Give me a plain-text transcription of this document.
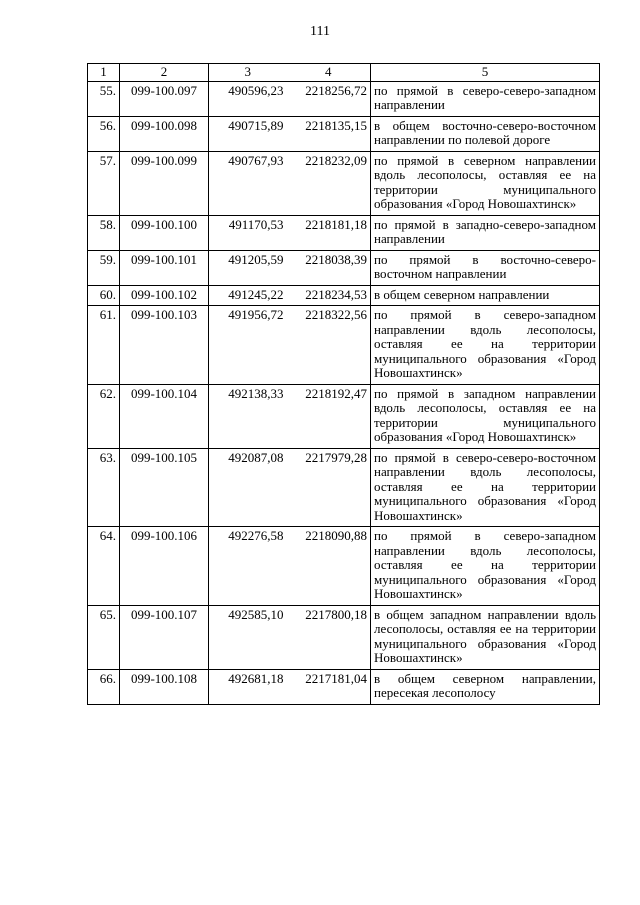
111
1	2	3	4	5
55.	099-100.097	490596,23	2218256,72	по прямой в северо-северо-западном направлении
56.	099-100.098	490715,89	2218135,15	в общем восточно-северо-восточном направлении по полевой дороге
57.	099-100.099	490767,93	2218232,09	по прямой в северном направлении вдоль лесополосы, оставляя ее на территории муниципального образования «Город Новошахтинск»
58.	099-100.100	491170,53	2218181,18	по прямой в западно-северо-западном направлении
59.	099-100.101	491205,59	2218038,39	по прямой в восточно-северо-восточном направлении
60.	099-100.102	491245,22	2218234,53	в общем северном направлении
61.	099-100.103	491956,72	2218322,56	по прямой в северо-западном направлении вдоль лесополосы, оставляя ее на территории муниципального образования «Город Новошахтинск»
62.	099-100.104	492138,33	2218192,47	по прямой в западном направлении вдоль лесополосы, оставляя ее на территории муниципального образования «Город Новошахтинск»
63.	099-100.105	492087,08	2217979,28	по прямой в северо-северо-восточном направлении вдоль лесополосы, оставляя ее на территории муниципального образования «Город Новошахтинск»
64.	099-100.106	492276,58	2218090,88	по прямой в северо-западном направлении вдоль лесополосы, оставляя ее на территории муниципального образования «Город Новошахтинск»
65.	099-100.107	492585,10	2217800,18	в общем западном направлении вдоль лесополосы, оставляя ее на территории муниципального образования «Город Новошахтинск»
66.	099-100.108	492681,18	2217181,04	в общем северном направлении, пересекая лесополосу
